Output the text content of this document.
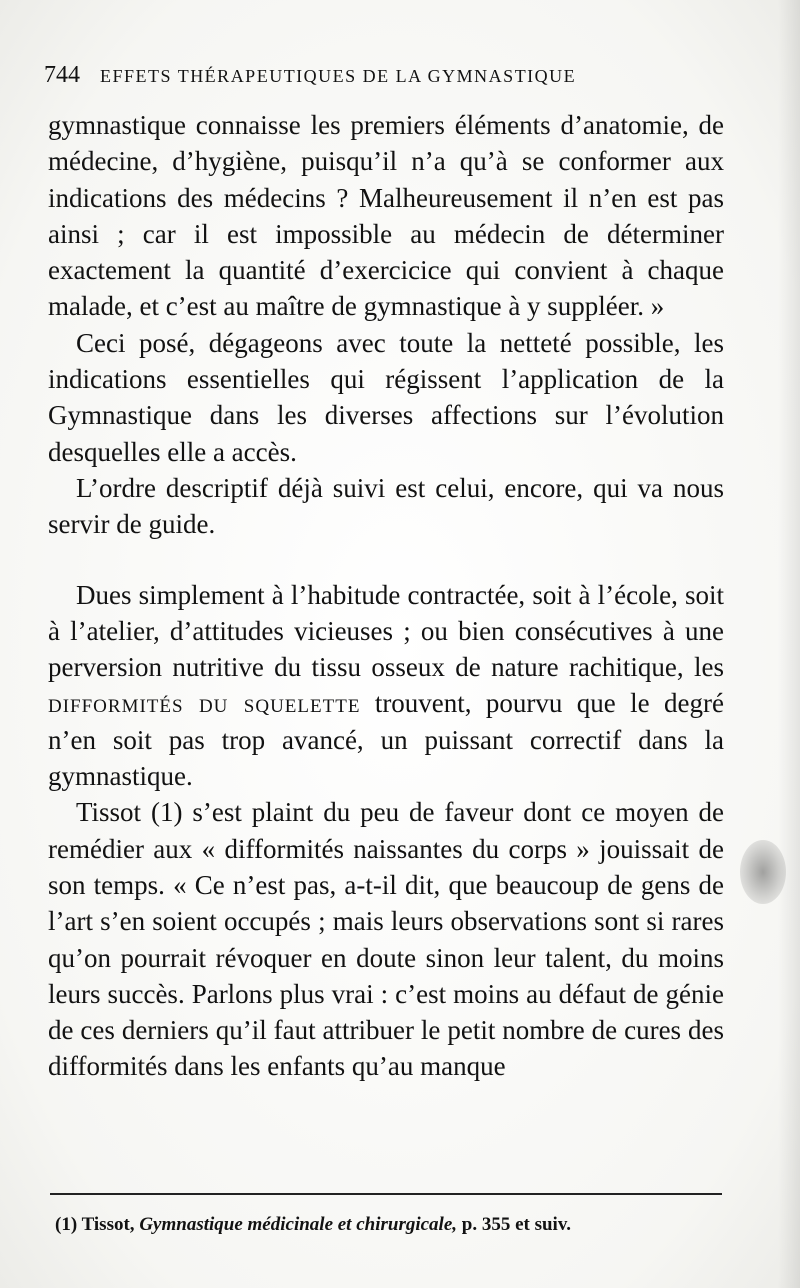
744 EFFETS THÉRAPEUTIQUES DE LA GYMNASTIQUE

gymnastique connaisse les premiers éléments d’anatomie, de médecine, d’hygiène, puisqu’il n’a qu’à se conformer aux indications des médecins ? Malheureusement il n’en est pas ainsi ; car il est impossible au médecin de déterminer exactement la quantité d’exercicice qui convient à chaque malade, et c’est au maître de gymnastique à y suppléer. »

Ceci posé, dégageons avec toute la netteté possible, les indications essentielles qui régissent l’application de la Gymnastique dans les diverses affections sur l’évolution desquelles elle a accès.

L’ordre descriptif déjà suivi est celui, encore, qui va nous servir de guide.

Dues simplement à l’habitude contractée, soit à l’école, soit à l’atelier, d’attitudes vicieuses ; ou bien consécutives à une perversion nutritive du tissu osseux de nature rachitique, les difformités du squelette trouvent, pourvu que le degré n’en soit pas trop avancé, un puissant correctif dans la gymnastique.

Tissot (1) s’est plaint du peu de faveur dont ce moyen de remédier aux « difformités naissantes du corps » jouissait de son temps. « Ce n’est pas, a-t-il dit, que beaucoup de gens de l’art s’en soient occupés ; mais leurs observations sont si rares qu’on pourrait révoquer en doute sinon leur talent, du moins leurs succès. Parlons plus vrai : c’est moins au défaut de génie de ces derniers qu’il faut attribuer le petit nombre de cures des difformités dans les enfants qu’au manque

(1) Tissot, Gymnastique médicinale et chirurgicale, p. 355 et suiv.
